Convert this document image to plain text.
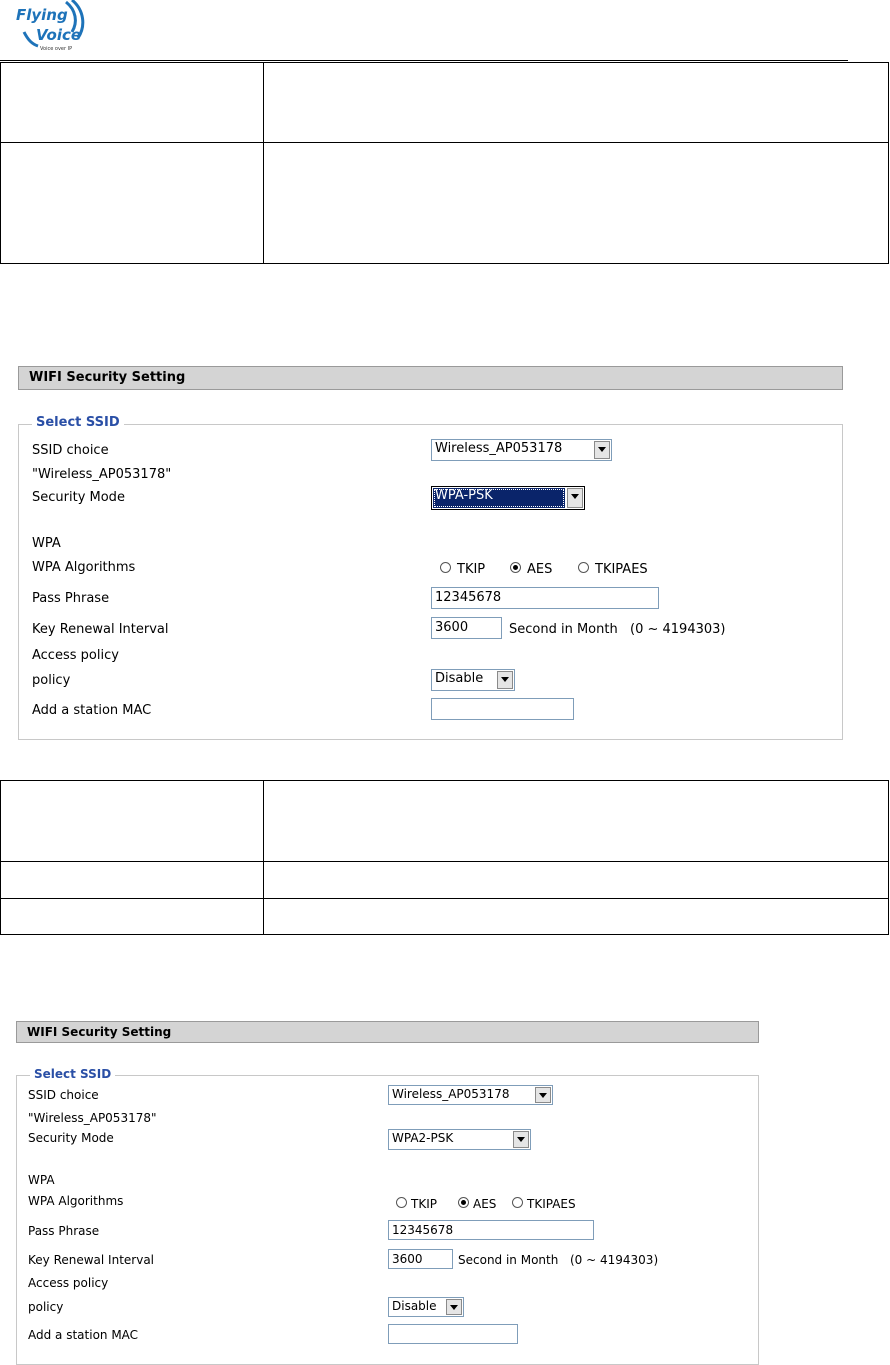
Flying
Voice
Voice over IP

WIFI Security Setting
Select SSID
SSID choice	Wireless_AP053178
"Wireless_AP053178"
Security Mode	WPA-PSK
WPA
WPA Algorithms	TKIP	AES	TKIPAES
Pass Phrase	12345678
Key Renewal Interval	3600	Second in Month (0 ~ 4194303)
Access policy
policy	Disable
Add a station MAC

WIFI Security Setting
Select SSID
SSID choice	Wireless_AP053178
"Wireless_AP053178"
Security Mode	WPA2-PSK
WPA
WPA Algorithms	TKIP	AES	TKIPAES
Pass Phrase	12345678
Key Renewal Interval	3600	Second in Month (0 ~ 4194303)
Access policy
policy	Disable
Add a station MAC
